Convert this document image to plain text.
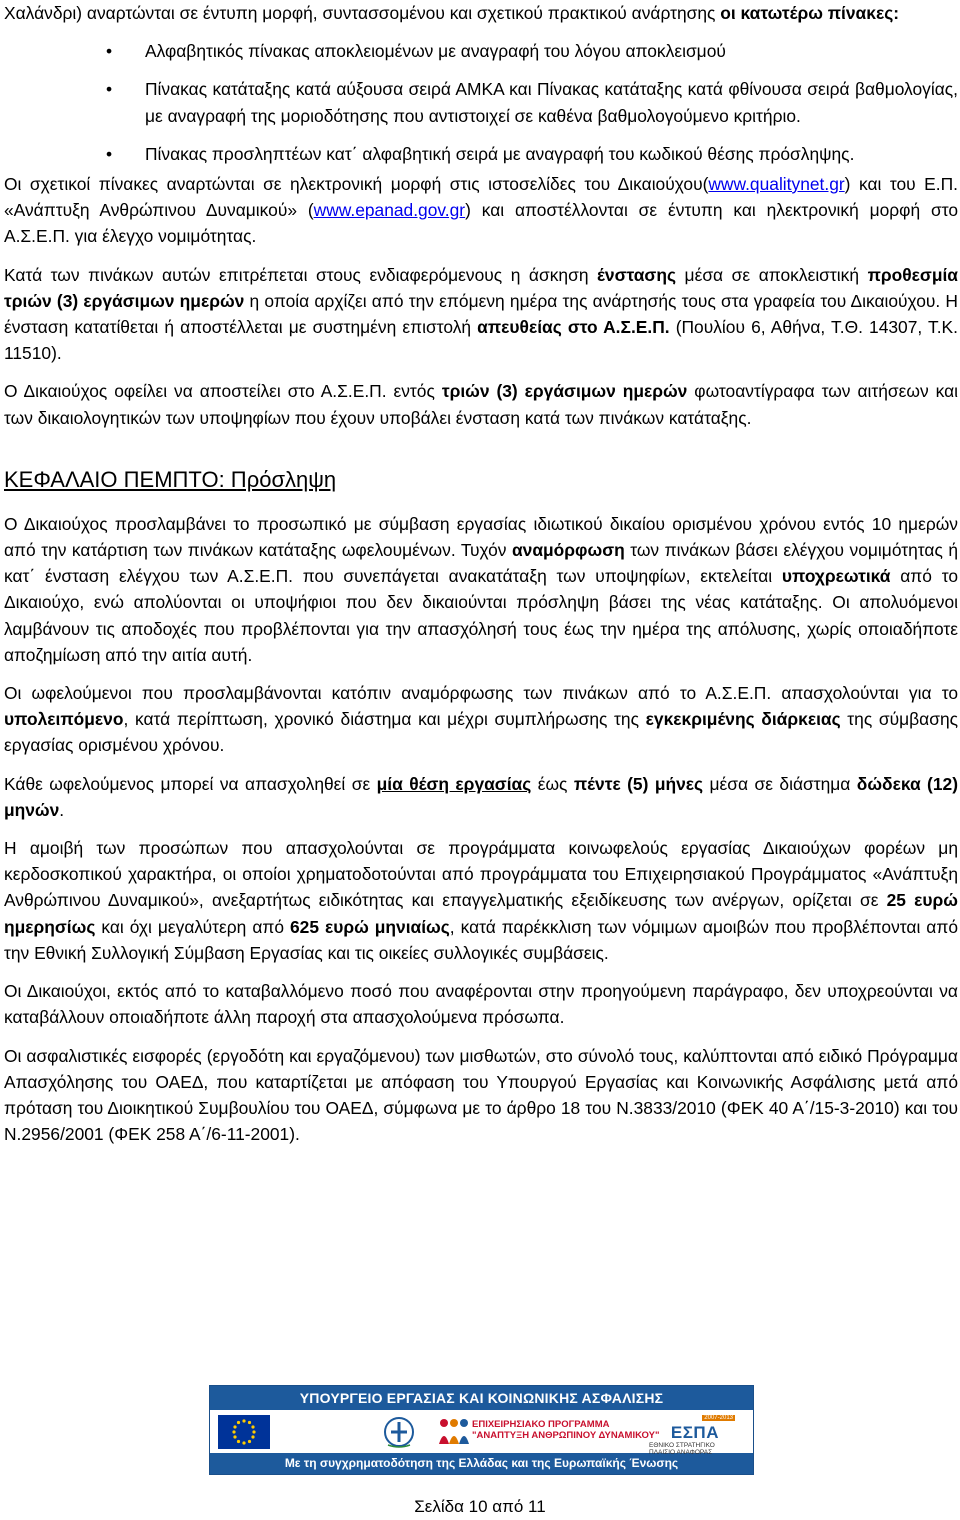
Χαλάνδρι) αναρτώνται σε έντυπη μορφή, συντασσομένου και σχετικού πρακτικού ανάρτησης οι κατωτέρω πίνακες:

• Αλφαβητικός πίνακας αποκλειομένων με αναγραφή του λόγου αποκλεισμού
• Πίνακας κατάταξης κατά αύξουσα σειρά ΑΜΚΑ και Πίνακας κατάταξης κατά φθίνουσα σειρά βαθμολογίας, με αναγραφή της μοριοδότησης που αντιστοιχεί σε καθένα βαθμολογούμενο κριτήριο.
• Πίνακας προσληπτέων κατ΄ αλφαβητική σειρά με αναγραφή του κωδικού θέσης πρόσληψης.

Οι σχετικοί πίνακες αναρτώνται σε ηλεκτρονική μορφή στις ιστοσελίδες του Δικαιούχου(www.qualitynet.gr) και του Ε.Π. «Ανάπτυξη Ανθρώπινου Δυναμικού» (www.epanad.gov.gr) και αποστέλλονται σε έντυπη και ηλεκτρονική μορφή στο Α.Σ.Ε.Π. για έλεγχο νομιμότητας.

Κατά των πινάκων αυτών επιτρέπεται στους ενδιαφερόμενους η άσκηση ένστασης μέσα σε αποκλειστική προθεσμία τριών (3) εργάσιμων ημερών η οποία αρχίζει από την επόμενη ημέρα της ανάρτησής τους στα γραφεία του Δικαιούχου. Η ένσταση κατατίθεται ή αποστέλλεται με συστημένη επιστολή απευθείας στο Α.Σ.Ε.Π. (Πουλίου 6, Αθήνα, Τ.Θ. 14307, Τ.Κ. 11510).

Ο Δικαιούχος οφείλει να αποστείλει στο Α.Σ.Ε.Π. εντός τριών (3) εργάσιμων ημερών φωτοαντίγραφα των αιτήσεων και των δικαιολογητικών των υποψηφίων που έχουν υποβάλει ένσταση κατά των πινάκων κατάταξης.

ΚΕΦΑΛΑΙΟ ΠΕΜΠΤΟ: Πρόσληψη

Ο Δικαιούχος προσλαμβάνει το προσωπικό με σύμβαση εργασίας ιδιωτικού δικαίου ορισμένου χρόνου εντός 10 ημερών από την κατάρτιση των πινάκων κατάταξης ωφελουμένων. Τυχόν αναμόρφωση των πινάκων βάσει ελέγχου νομιμότητας ή κατ΄ ένσταση ελέγχου των Α.Σ.Ε.Π. που συνεπάγεται ανακατάταξη των υποψηφίων, εκτελείται υποχρεωτικά από το Δικαιούχο, ενώ απολύονται οι υποψήφιοι που δεν δικαιούνται πρόσληψη βάσει της νέας κατάταξης. Οι απολυόμενοι λαμβάνουν τις αποδοχές που προβλέπονται για την απασχόλησή τους έως την ημέρα της απόλυσης, χωρίς οποιαδήποτε αποζημίωση από την αιτία αυτή.

Οι ωφελούμενοι που προσλαμβάνονται κατόπιν αναμόρφωσης των πινάκων από το Α.Σ.Ε.Π. απασχολούνται για το υπολειπόμενο, κατά περίπτωση, χρονικό διάστημα και μέχρι συμπλήρωσης της εγκεκριμένης διάρκειας της σύμβασης εργασίας ορισμένου χρόνου.

Κάθε ωφελούμενος μπορεί να απασχοληθεί σε μία θέση εργασίας έως πέντε (5) μήνες μέσα σε διάστημα δώδεκα (12) μηνών.

Η αμοιβή των προσώπων που απασχολούνται σε προγράμματα κοινωφελούς εργασίας Δικαιούχων φορέων μη κερδοσκοπικού χαρακτήρα, οι οποίοι χρηματοδοτούνται από προγράμματα του Επιχειρησιακού Προγράμματος «Ανάπτυξη Ανθρώπινου Δυναμικού», ανεξαρτήτως ειδικότητας και επαγγελματικής εξειδίκευσης των ανέργων, ορίζεται σε 25 ευρώ ημερησίως και όχι μεγαλύτερη από 625 ευρώ μηνιαίως, κατά παρέκκλιση των νόμιμων αμοιβών που προβλέπονται από την Εθνική Συλλογική Σύμβαση Εργασίας και τις οικείες συλλογικές συμβάσεις.

Οι Δικαιούχοι, εκτός από το καταβαλλόμενο ποσό που αναφέρονται στην προηγούμενη παράγραφο, δεν υποχρεούνται να καταβάλλουν οποιαδήποτε άλλη παροχή στα απασχολούμενα πρόσωπα.

Οι ασφαλιστικές εισφορές (εργοδότη και εργαζόμενου) των μισθωτών, στο σύνολό τους, καλύπτονται από ειδικό Πρόγραμμα Απασχόλησης του ΟΑΕΔ, που καταρτίζεται με απόφαση του Υπουργού Εργασίας και Κοινωνικής Ασφάλισης μετά από πρόταση του Διοικητικού Συμβουλίου του ΟΑΕΔ, σύμφωνα με το άρθρο 18 του Ν.3833/2010 (ΦΕΚ 40 Α΄/15-3-2010) και του Ν.2956/2001 (ΦΕΚ 258 Α΄/6-11-2001).

ΥΠΟΥΡΓΕΙΟ ΕΡΓΑΣΙΑΣ ΚΑΙ ΚΟΙΝΩΝΙΚΗΣ ΑΣΦΑΛΙΣΗΣ
ΕΠΙΧΕΙΡΗΣΙΑΚΟ ΠΡΟΓΡΑΜΜΑ
"ΑΝΑΠΤΥΞΗ ΑΝΘΡΩΠΙΝΟΥ ΔΥΝΑΜΙΚΟΥ"
2007-2013
ΕΣΠΑ
ΕΘΝΙΚΟ ΣΤΡΑΤΗΓΙΚΟ ΠΛΑΙΣΙΟ ΑΝΑΦΟΡΑΣ
Με τη συγχρηματοδότηση της Ελλάδας και της Ευρωπαϊκής Ένωσης
Σελίδα 10 από 11
